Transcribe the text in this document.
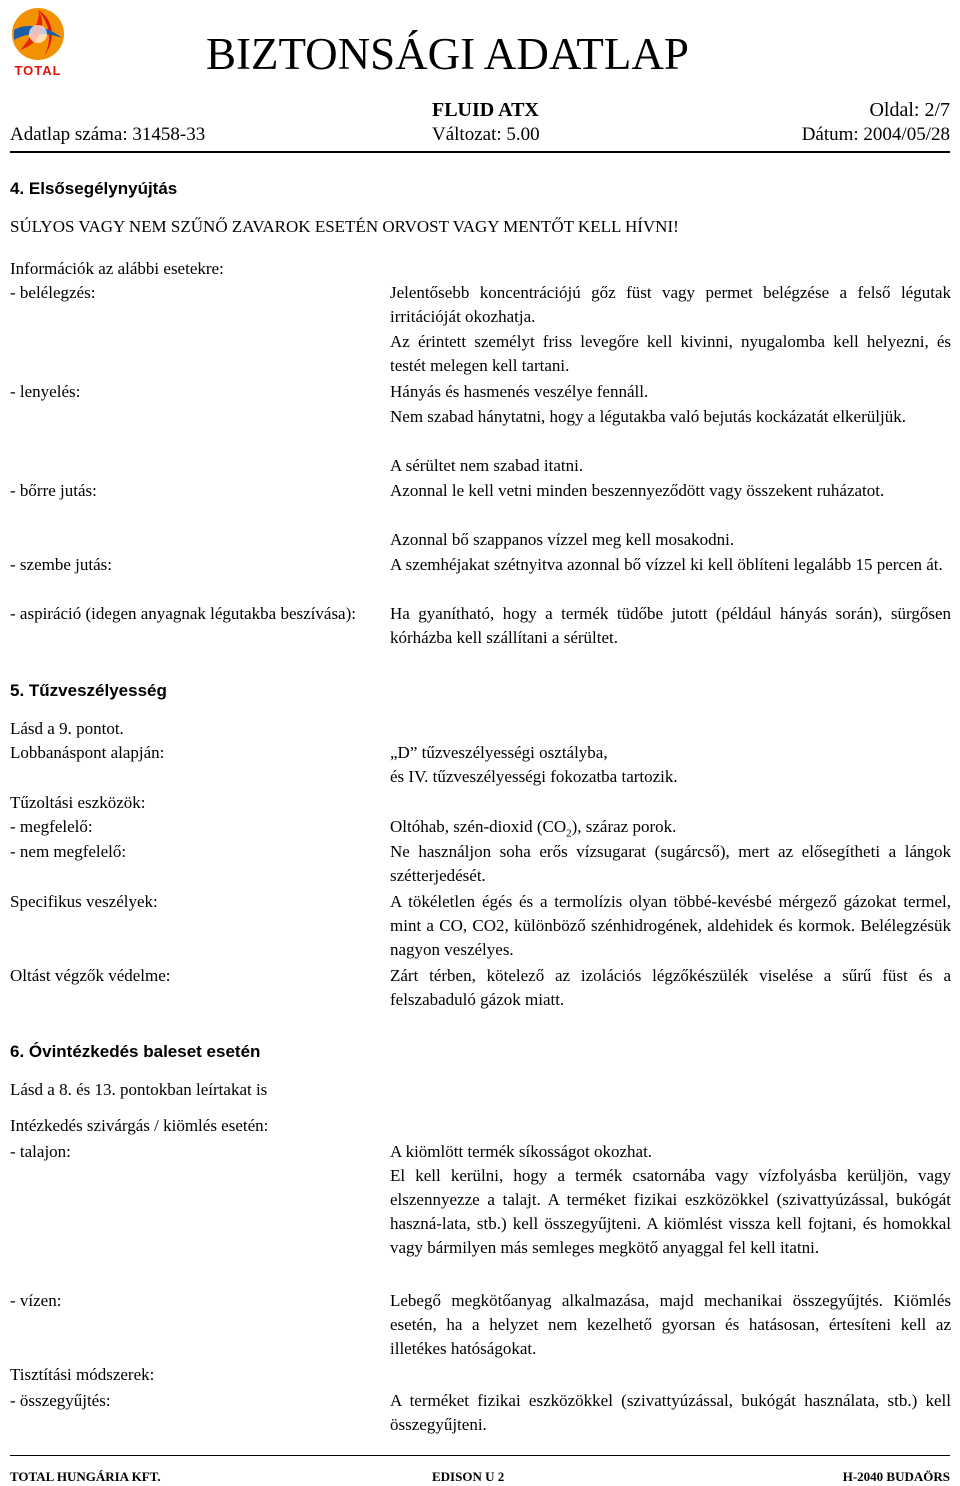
TOTAL	BIZTONSÁGI ADATLAP
FLUID ATX	Oldal: 2/7
Adatlap száma: 31458-33	Változat: 5.00	Dátum: 2004/05/28
4. Elsősegélynyújtás
SÚLYOS VAGY NEM SZŰNŐ ZAVAROK ESETÉN ORVOST VAGY MENTŐT KELL HÍVNI!
Információk az alábbi esetekre:
- belélegzés:	Jelentősebb koncentrációjú gőz füst vagy permet belégzése a felső légutak irritációját okozhatja.
Az érintett személyt friss levegőre kell kivinni, nyugalomba kell helyezni, és testét melegen kell tartani.
- lenyelés:	Hányás és hasmenés veszélye fennáll.
Nem szabad hánytatni, hogy a légutakba való bejutás kockázatát elkerüljük.
A sérültet nem szabad itatni.
- bőrre jutás:	Azonnal le kell vetni minden beszennyeződött vagy összekent ruházatot.
Azonnal bő szappanos vízzel meg kell mosakodni.
- szembe jutás:	A szemhéjakat szétnyitva azonnal bő vízzel ki kell öblíteni legalább 15 percen át.
- aspiráció (idegen anyagnak légutakba beszívása):	Ha gyanítható, hogy a termék tüdőbe jutott (például hányás során), sürgősen kórházba kell szállítani a sérültet.
5. Tűzveszélyesség
Lásd a 9. pontot.
Lobbanáspont alapján:	„D” tűzveszélyességi osztályba,
és IV. tűzveszélyességi fokozatba tartozik.
Tűzoltási eszközök:
- megfelelő:	Oltóhab, szén-dioxid $(CO_2)$, száraz porok.
- nem megfelelő:	Ne használjon soha erős vízsugarat (sugárcső), mert az elősegítheti a lángok szétterjedését.
Specifikus veszélyek:	A tökéletlen égés és a termolízis olyan többé-kevésbé mérgező gázokat termel, mint a CO, CO2, különböző szénhidrogének, aldehidek és kormok. Belélegzésük nagyon veszélyes.
Oltást végzők védelme:	Zárt térben, kötelező az izolációs légzőkészülék viselése a sűrű füst és a felszabaduló gázok miatt.
6. Óvintézkedés baleset esetén
Lásd a 8. és 13. pontokban leírtakat is
Intézkedés szivárgás / kiömlés esetén:
- talajon:	A kiömlött termék síkosságot okozhat.
El kell kerülni, hogy a termék csatornába vagy vízfolyásba kerüljön, vagy elszennyezze a talajt. A terméket fizikai eszközökkel (szivattyúzással, bukógát haszná-lata, stb.) kell összegyűjteni. A kiömlést vissza kell fojtani, és homokkal vagy bármilyen más semleges megkötő anyaggal fel kell itatni.
- vízen:	Lebegő megkötőanyag alkalmazása, majd mechanikai összegyűjtés. Kiömlés esetén, ha a helyzet nem kezelhető gyorsan és hatásosan, értesíteni kell az illetékes hatóságokat.
Tisztítási módszerek:
- összegyűjtés:	A terméket fizikai eszközökkel (szivattyúzással, bukógát használata, stb.) kell összegyűjteni.
TOTAL HUNGÁRIA KFT.	EDISON U 2	H-2040 BUDAÖRS
